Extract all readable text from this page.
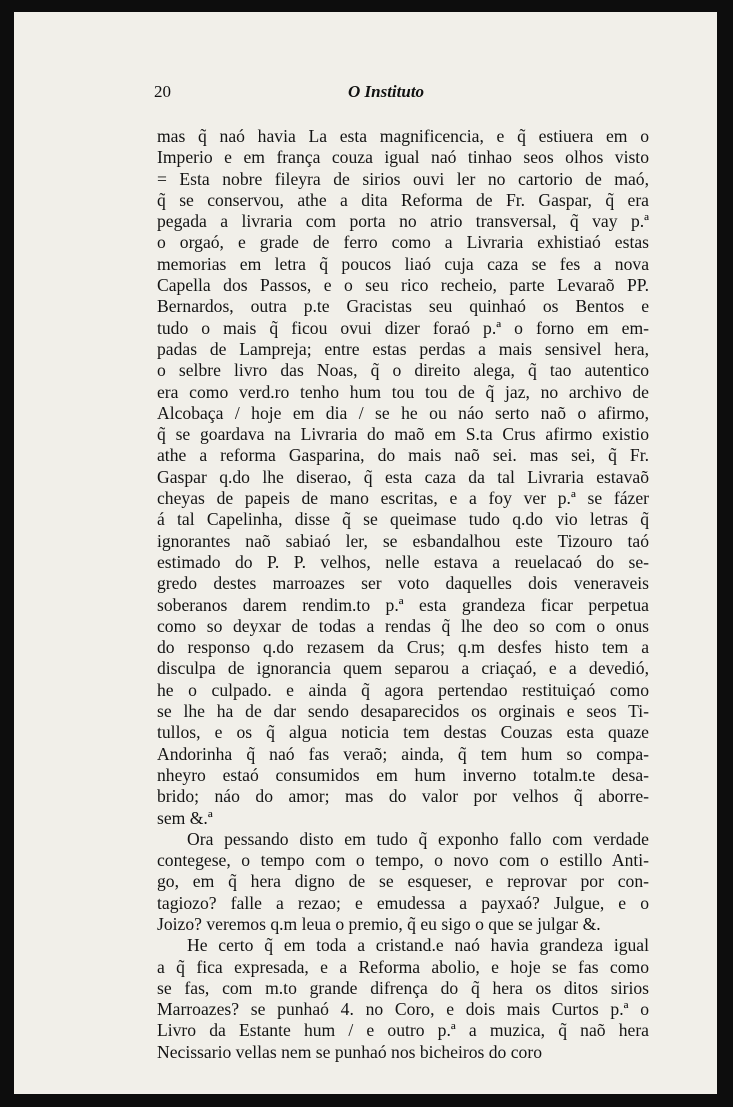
20	O Instituto
mas q̃ naó havia La esta magnificencia, e q̃ estiuera em o
Imperio e em frança couza igual naó tinhao seos olhos visto
= Esta nobre fileyra de sirios ouvi ler no cartorio de maó,
q̃ se conservou, athe a dita Reforma de Fr. Gaspar, q̃ era
pegada a livraria com porta no atrio transversal, q̃ vay p.ª
o orgaó, e grade de ferro como a Livraria exhistiaó estas
memorias em letra q̃ poucos liaó cuja caza se fes a nova
Capella dos Passos, e o seu rico recheio, parte Levaraõ PP.
Bernardos, outra p.te Gracistas seu quinhaó os Bentos e
tudo o mais q̃ ficou ovui dizer foraó p.ª o forno em em-
padas de Lampreja; entre estas perdas a mais sensivel hera,
o selbre livro das Noas, q̃ o direito alega, q̃ tao autentico
era como verd.ro tenho hum tou tou de q̃ jaz, no archivo de
Alcobaça / hoje em dia / se he ou náo serto naõ o afirmo,
q̃ se goardava na Livraria do maõ em S.ta Crus afirmo existio
athe a reforma Gasparina, do mais naõ sei. mas sei, q̃ Fr.
Gaspar q.do lhe diserao, q̃ esta caza da tal Livraria estavaõ
cheyas de papeis de mano escritas, e a foy ver p.ª se fázer
á tal Capelinha, disse q̃ se queimase tudo q.do vio letras q̃
ignorantes naõ sabiaó ler, se esbandalhou este Tizouro taó
estimado do P. P. velhos, nelle estava a reuelacaó do se-
gredo destes marroazes ser voto daquelles dois veneraveis
soberanos darem rendim.to p.ª esta grandeza ficar perpetua
como so deyxar de todas a rendas q̃ lhe deo so com o onus
do responso q.do rezasem da Crus; q.m desfes histo tem a
disculpa de ignorancia quem separou a criaçaó, e a devedió,
he o culpado. e ainda q̃ agora pertendao restituiçaó como
se lhe ha de dar sendo desaparecidos os orginais e seos Ti-
tullos, e os q̃ algua noticia tem destas Couzas esta quaze
Andorinha q̃ naó fas veraõ; ainda, q̃ tem hum so compa-
nheyro estaó consumidos em hum inverno totalm.te desa-
brido; náo do amor; mas do valor por velhos q̃ aborre-
sem &.ª
Ora pessando disto em tudo q̃ exponho fallo com verdade
contegese, o tempo com o tempo, o novo com o estillo Anti-
go, em q̃ hera digno de se esqueser, e reprovar por con-
tagiozo? falle a rezao; e emudessa a payxaó? Julgue, e o
Joizo? veremos q.m leua o premio, q̃ eu sigo o que se julgar &.
He certo q̃ em toda a cristand.e naó havia grandeza igual
a q̃ fica expresada, e a Reforma abolio, e hoje se fas como
se fas, com m.to grande difrença do q̃ hera os ditos sirios
Marroazes? se punhaó 4. no Coro, e dois mais Curtos p.ª o
Livro da Estante hum / e outro p.ª a muzica, q̃ naõ hera
Necissario vellas nem se punhaó nos bicheiros do coro
